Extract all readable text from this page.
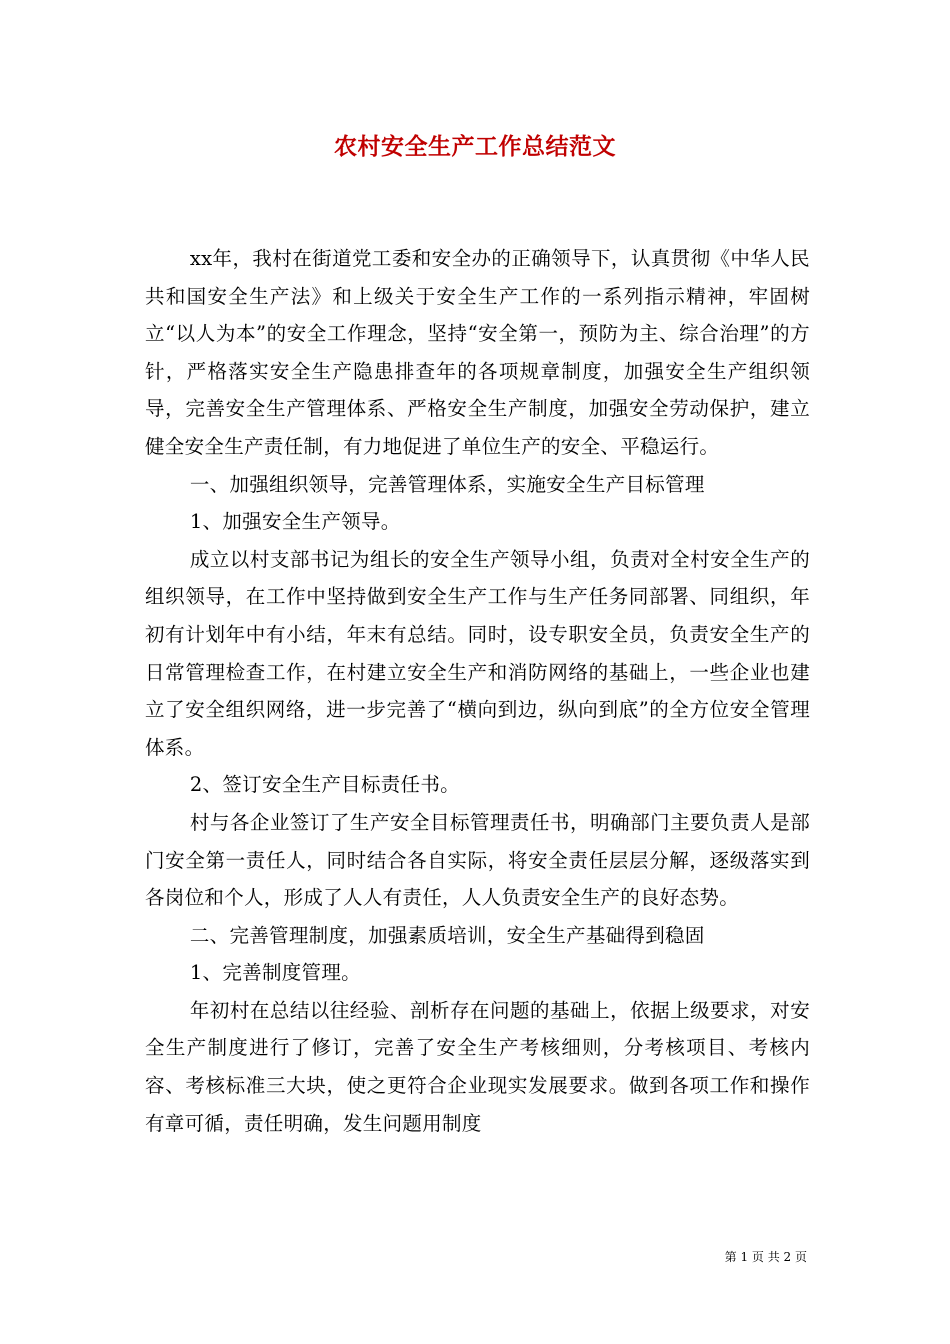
农村安全生产工作总结范文

xx年，我村在街道党工委和安全办的正确领导下，认真贯彻《中华人民共和国安全生产法》和上级关于安全生产工作的一系列指示精神，牢固树立“以人为本”的安全工作理念，坚持“安全第一，预防为主、综合治理”的方针，严格落实安全生产隐患排查年的各项规章制度，加强安全生产组织领导，完善安全生产管理体系、严格安全生产制度，加强安全劳动保护，建立健全安全生产责任制，有力地促进了单位生产的安全、平稳运行。

一、加强组织领导，完善管理体系，实施安全生产目标管理

1、加强安全生产领导。

成立以村支部书记为组长的安全生产领导小组，负责对全村安全生产的组织领导，在工作中坚持做到安全生产工作与生产任务同部署、同组织，年初有计划年中有小结，年末有总结。同时，设专职安全员，负责安全生产的日常管理检查工作，在村建立安全生产和消防网络的基础上，一些企业也建立了安全组织网络，进一步完善了“横向到边，纵向到底”的全方位安全管理体系。

2、签订安全生产目标责任书。

村与各企业签订了生产安全目标管理责任书，明确部门主要负责人是部门安全第一责任人，同时结合各自实际，将安全责任层层分解，逐级落实到各岗位和个人，形成了人人有责任，人人负责安全生产的良好态势。

二、完善管理制度，加强素质培训，安全生产基础得到稳固

1、完善制度管理。

年初村在总结以往经验、剖析存在问题的基础上，依据上级要求，对安全生产制度进行了修订，完善了安全生产考核细则，分考核项目、考核内容、考核标准三大块，使之更符合企业现实发展要求。做到各项工作和操作有章可循，责任明确，发生问题用制度

第 1 页 共 2 页
